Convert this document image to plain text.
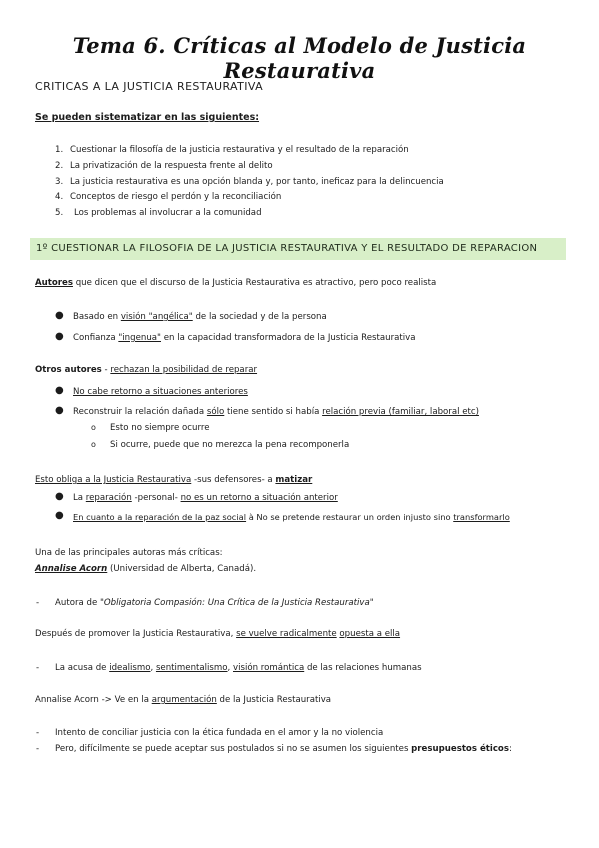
Tema 6. Críticas al Modelo de Justicia Restaurativa
CRITICAS A LA JUSTICIA RESTAURATIVA
Se pueden sistematizar en las siguientes:
1. Cuestionar la filosofía de la justicia restaurativa y el resultado de la reparación
2. La privatización de la respuesta frente al delito
3. La justicia restaurativa es una opción blanda y, por tanto, ineficaz para la delincuencia
4. Conceptos de riesgo el perdón y la reconciliación
5.	Los problemas al involucrar a la comunidad
1º CUESTIONAR LA FILOSOFIA DE LA JUSTICIA RESTAURATIVA Y EL RESULTADO DE REPARACION
Autores que dicen que el discurso de la Justicia Restaurativa es atractivo, pero poco realista
● Basado en visión "angélica" de la sociedad y de la persona
● Confianza "ingenua" en la capacidad transformadora de la Justicia Restaurativa
Otros autores - rechazan la posibilidad de reparar
● No cabe retorno a situaciones anteriores
● Reconstruir la relación dañada sólo tiene sentido si había relación previa (familiar, laboral etc)
o Esto no siempre ocurre
o Si ocurre, puede que no merezca la pena recomponerla
Esto obliga a la Justicia Restaurativa -sus defensores- a matizar
● La reparación -personal- no es un retorno a situación anterior
● En cuanto a la reparación de la paz social à No se pretende restaurar un orden injusto sino transformarlo
Una de las principales autoras más críticas:
Annalise Acorn (Universidad de Alberta, Canadá).
- Autora de "Obligatoria Compasión: Una Crítica de la Justicia Restaurativa"
Después de promover la Justicia Restaurativa, se vuelve radicalmente opuesta a ella
- La acusa de idealismo, sentimentalismo, visión romántica de las relaciones humanas
Annalise Acorn -> Ve en la argumentación de la Justicia Restaurativa
- Intento de conciliar justicia con la ética fundada en el amor y la no violencia
- Pero, difícilmente se puede aceptar sus postulados si no se asumen los siguientes presupuestos éticos:
